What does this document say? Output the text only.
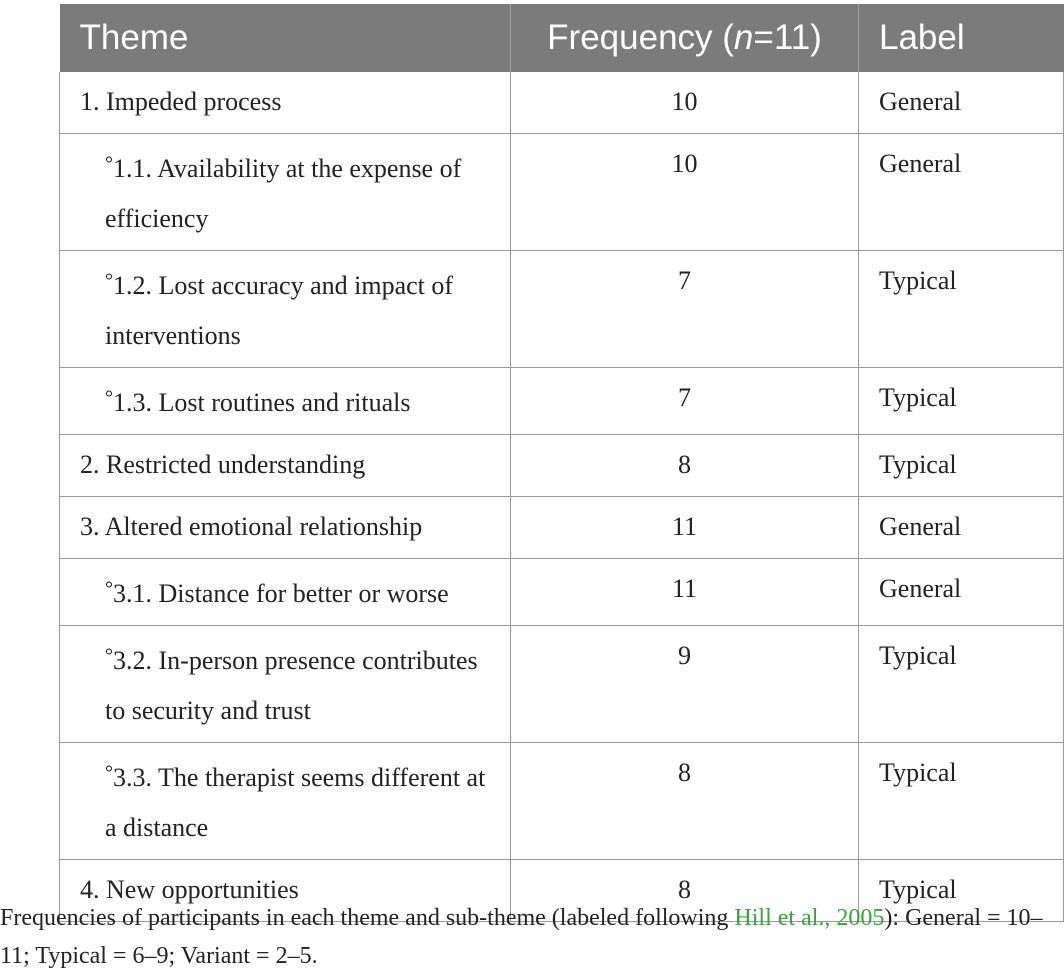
Theme	Frequency (n=11)	Label
1. Impeded process	10	General
°1.1. Availability at the expense of efficiency	10	General
°1.2. Lost accuracy and impact of interventions	7	Typical
°1.3. Lost routines and rituals	7	Typical
2. Restricted understanding	8	Typical
3. Altered emotional relationship	11	General
°3.1. Distance for better or worse	11	General
°3.2. In-person presence contributes to security and trust	9	Typical
°3.3. The therapist seems different at a distance	8	Typical
4. New opportunities	8	Typical
Frequencies of participants in each theme and sub-theme (labeled following Hill et al., 2005): General = 10–11; Typical = 6–9; Variant = 2–5.
